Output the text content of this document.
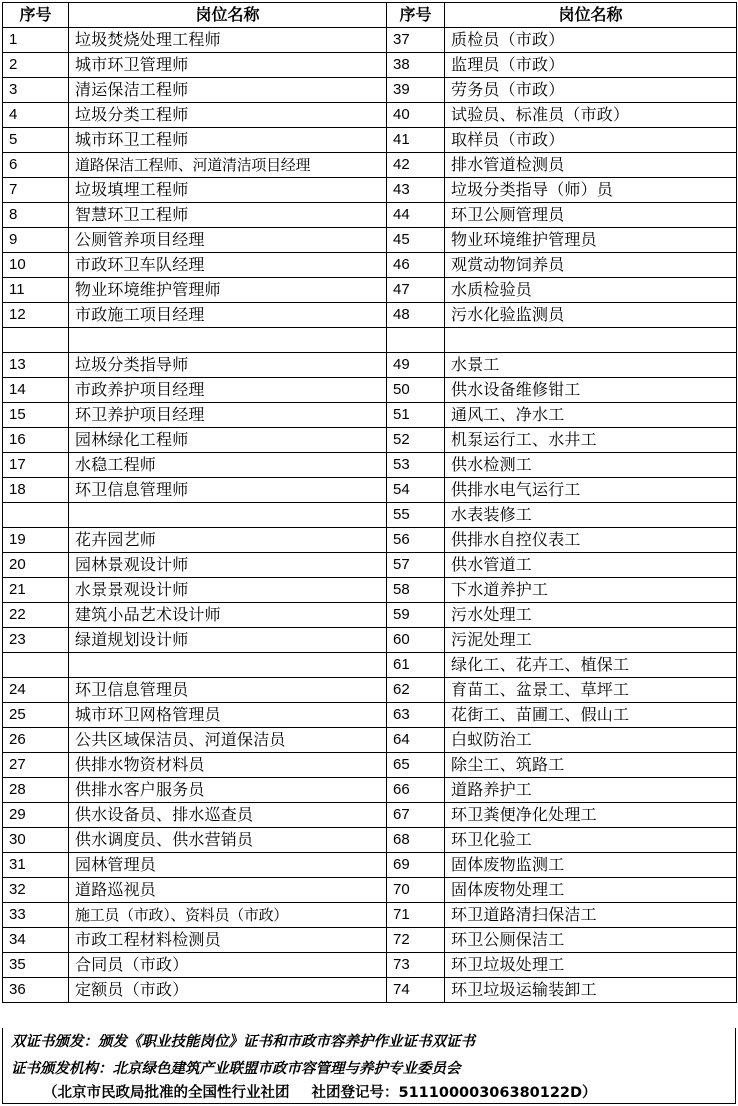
序号	岗位名称	序号	岗位名称
1	垃圾焚烧处理工程师	37	质检员（市政）
2	城市环卫管理师	38	监理员（市政）
3	清运保洁工程师	39	劳务员（市政）
4	垃圾分类工程师	40	试验员、标准员（市政）
5	城市环卫工程师	41	取样员（市政）
6	道路保洁工程师、河道清洁项目经理	42	排水管道检测员
7	垃圾填埋工程师	43	垃圾分类指导（师）员
8	智慧环卫工程师	44	环卫公厕管理员
9	公厕管养项目经理	45	物业环境维护管理员
10	市政环卫车队经理	46	观赏动物饲养员
11	物业环境维护管理师	47	水质检验员
12	市政施工项目经理	48	污水化验监测员

13	垃圾分类指导师	49	水景工
14	市政养护项目经理	50	供水设备维修钳工
15	环卫养护项目经理	51	通风工、净水工
16	园林绿化工程师	52	机泵运行工、水井工
17	水稳工程师	53	供水检测工
18	环卫信息管理师	54	供排水电气运行工
		55	水表装修工
19	花卉园艺师	56	供排水自控仪表工
20	园林景观设计师	57	供水管道工
21	水景景观设计师	58	下水道养护工
22	建筑小品艺术设计师	59	污水处理工
23	绿道规划设计师	60	污泥处理工
		61	绿化工、花卉工、植保工
24	环卫信息管理员	62	育苗工、盆景工、草坪工
25	城市环卫网格管理员	63	花街工、苗圃工、假山工
26	公共区域保洁员、河道保洁员	64	白蚁防治工
27	供排水物资材料员	65	除尘工、筑路工
28	供排水客户服务员	66	道路养护工
29	供水设备员、排水巡查员	67	环卫粪便净化处理工
30	供水调度员、供水营销员	68	环卫化验工
31	园林管理员	69	固体废物监测工
32	道路巡视员	70	固体废物处理工
33	施工员（市政）、资料员（市政）	71	环卫道路清扫保洁工
34	市政工程材料检测员	72	环卫公厕保洁工
35	合同员（市政）	73	环卫垃圾处理工
36	定额员（市政）	74	环卫垃圾运输装卸工
双证书颁发：颁发《职业技能岗位》证书和市政市容养护作业证书双证书
证书颁发机构：北京绿色建筑产业联盟市政市容管理与养护专业委员会
（北京市民政局批准的全国性行业社团 社团登记号：51110000306380122D）
